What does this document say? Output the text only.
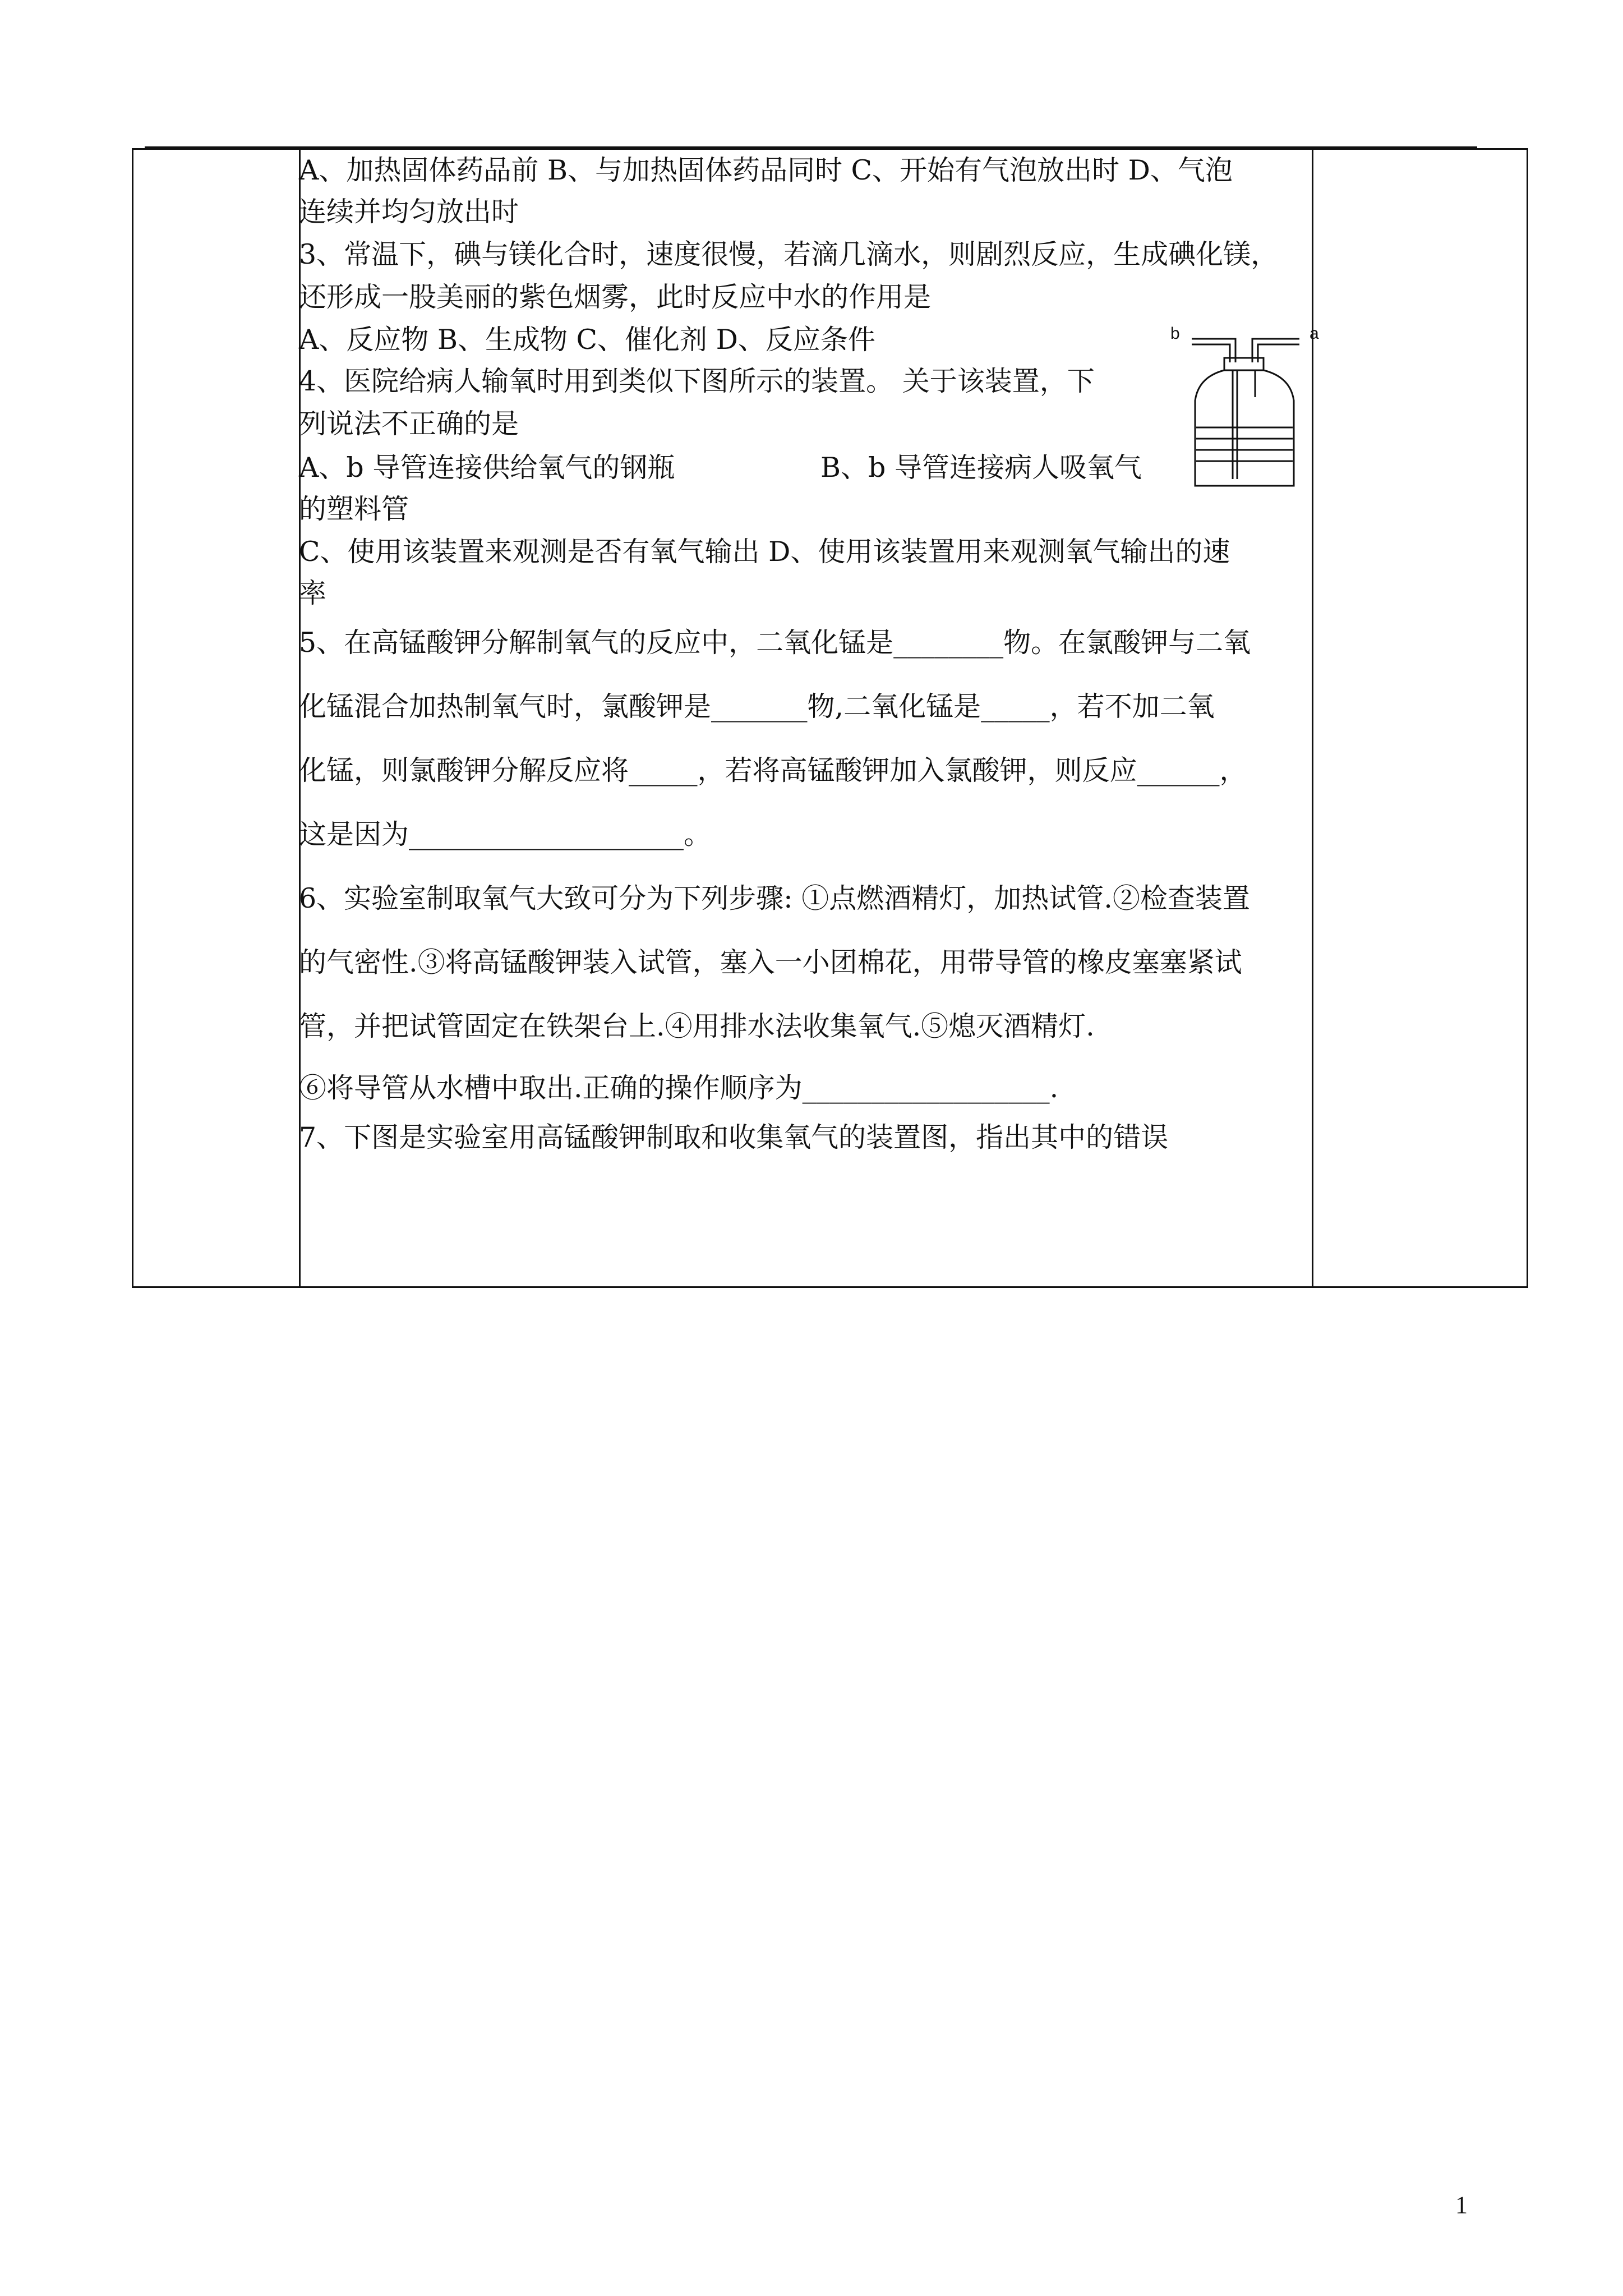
A、加热固体药品前 B、与加热固体药品同时 C、开始有气泡放出时 D、气泡
连续并均匀放出时
3、常温下，碘与镁化合时，速度很慢，若滴几滴水，则剧烈反应，生成碘化镁，
还形成一股美丽的紫色烟雾，此时反应中水的作用是
A、反应物 B、生成物 C、催化剂 D、反应条件
4、医院给病人输氧时用到类似下图所示的装置。 关于该装置，下
列说法不正确的是
A、b 导管连接供给氧气的钢瓶	B、b 导管连接病人吸氧气
的塑料管
C、使用该装置来观测是否有氧气输出 D、使用该装置用来观测氧气输出的速
率
5、在高锰酸钾分解制氧气的反应中，二氧化锰是________物。在氯酸钾与二氧
化锰混合加热制氧气时，氯酸钾是_______物,二氧化锰是_____，若不加二氧
化锰，则氯酸钾分解反应将_____，若将高锰酸钾加入氯酸钾，则反应______，
这是因为____________________。
6、实验室制取氧气大致可分为下列步骤: ①点燃酒精灯，加热试管.②检查装置
的气密性.③将高锰酸钾装入试管，塞入一小团棉花，用带导管的橡皮塞塞紧试
管，并把试管固定在铁架台上.④用排水法收集氧气.⑤熄灭酒精灯.
⑥将导管从水槽中取出.正确的操作顺序为__________________.
7、下图是实验室用高锰酸钾制取和收集氧气的装置图，指出其中的错误
b	a
1
